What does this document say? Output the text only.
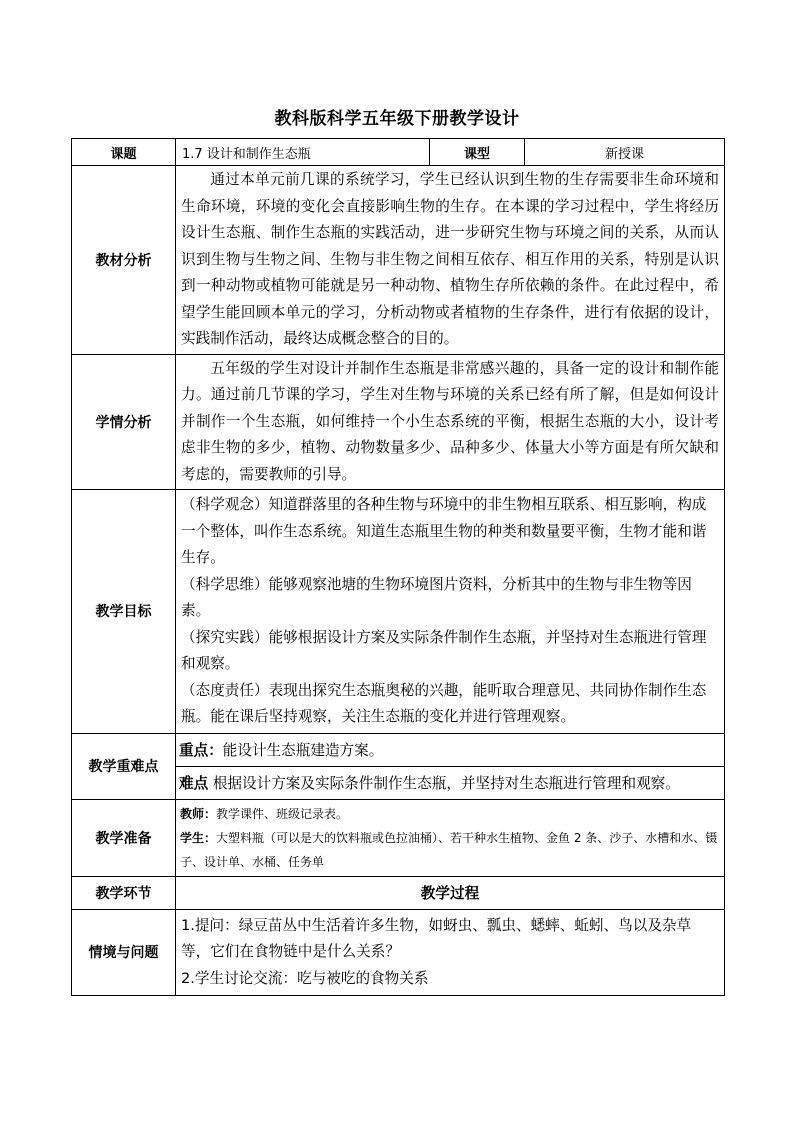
教科版科学五年级下册教学设计
课题	1.7 设计和制作生态瓶	课型	新授课
教材分析	通过本单元前几课的系统学习，学生已经认识到生物的生存需要非生命环境和生命环境，环境的变化会直接影响生物的生存。在本课的学习过程中，学生将经历设计生态瓶、制作生态瓶的实践活动，进一步研究生物与环境之间的关系，从而认识到生物与生物之间、生物与非生物之间相互依存、相互作用的关系，特别是认识到一种动物或植物可能就是另一种动物、植物生存所依赖的条件。在此过程中，希望学生能回顾本单元的学习，分析动物或者植物的生存条件，进行有依据的设计，实践制作活动，最终达成概念整合的目的。		
学情分析	五年级的学生对设计并制作生态瓶是非常感兴趣的，具备一定的设计和制作能力。通过前几节课的学习，学生对生物与环境的关系已经有所了解，但是如何设计并制作一个生态瓶，如何维持一个小生态系统的平衡，根据生态瓶的大小，设计考虑非生物的多少，植物、动物数量多少、品种多少、体量大小等方面是有所欠缺和考虑的，需要教师的引导。		
教学目标	（科学观念）知道群落里的各种生物与环境中的非生物相互联系、相互影响，构成一个整体，叫作生态系统。知道生态瓶里生物的种类和数量要平衡，生物才能和谐生存。

（科学思维）能够观察池塘的生物环境图片资料，分析其中的生物与非生物等因素。

（探究实践）能够根据设计方案及实际条件制作生态瓶，并坚持对生态瓶进行管理和观察。

（态度责任）表现出探究生态瓶奥秘的兴趣，能听取合理意见、共同协作制作生态瓶。能在课后坚持观察，关注生态瓶的变化并进行管理观察。		

教学重难点	重点：能设计生态瓶建造方案。		
	难点 根据设计方案及实际条件制作生态瓶，并坚持对生态瓶进行管理和观察。		
教学准备	教师：教学课件、班级记录表。

学生：大塑料瓶（可以是大的饮料瓶或色拉油桶）、若干种水生植物、金鱼 2 条、沙子、水槽和水、镊子、设计单、水桶、任务单		

教学环节	教学过程		
情境与问题	1.提问：绿豆苗丛中生活着许多生物，如蚜虫、瓢虫、蟋蟀、蚯蚓、鸟以及杂草等，它们在食物链中是什么关系？

2.学生讨论交流：吃与被吃的食物关系		
